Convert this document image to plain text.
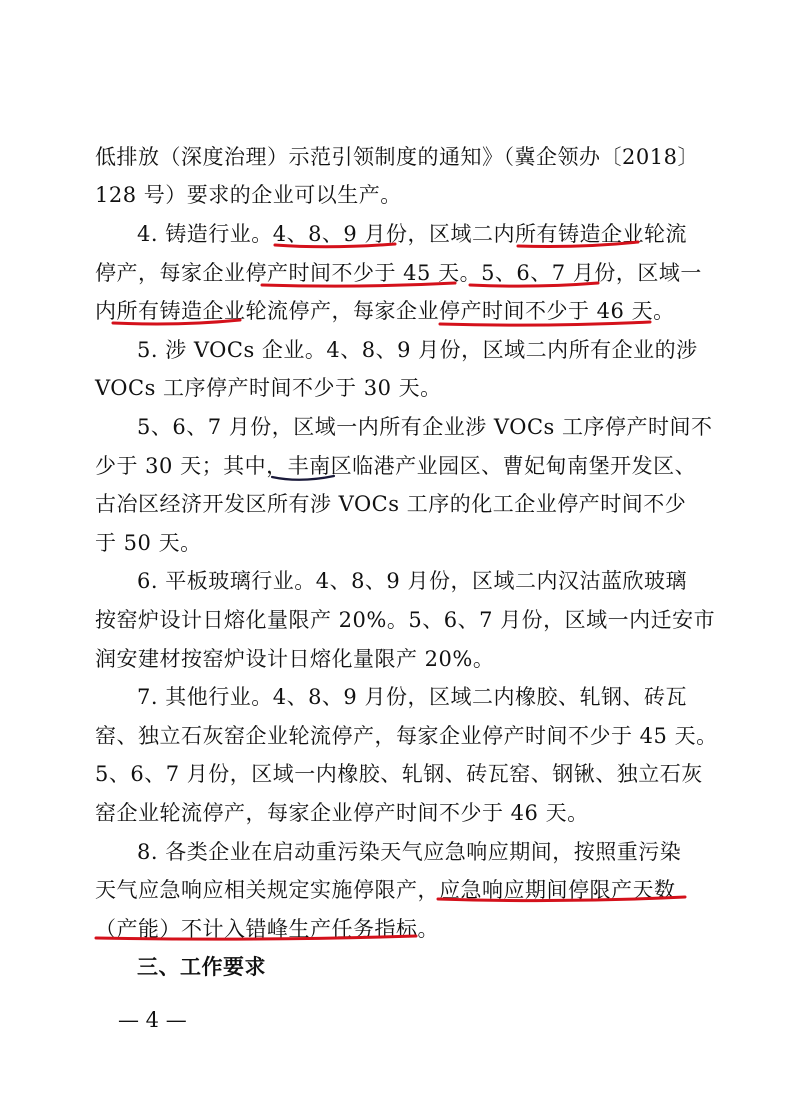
低排放（深度治理）示范引领制度的通知》（冀企领办〔2018〕
128 号）要求的企业可以生产。
4. 铸造行业。4、8、9 月份，区域二内所有铸造企业轮流
停产，每家企业停产时间不少于 45 天。5、6、7 月份，区域一
内所有铸造企业轮流停产，每家企业停产时间不少于 46 天。
5. 涉 VOCs 企业。4、8、9 月份，区域二内所有企业的涉
VOCs 工序停产时间不少于 30 天。
5、6、7 月份，区域一内所有企业涉 VOCs 工序停产时间不
少于 30 天；其中，丰南区临港产业园区、曹妃甸南堡开发区、
古冶区经济开发区所有涉 VOCs 工序的化工企业停产时间不少
于 50 天。
6. 平板玻璃行业。4、8、9 月份，区域二内汉沽蓝欣玻璃
按窑炉设计日熔化量限产 20%。5、6、7 月份，区域一内迁安市
润安建材按窑炉设计日熔化量限产 20%。
7. 其他行业。4、8、9 月份，区域二内橡胶、轧钢、砖瓦
窑、独立石灰窑企业轮流停产，每家企业停产时间不少于 45 天。
5、6、7 月份，区域一内橡胶、轧钢、砖瓦窑、钢锹、独立石灰
窑企业轮流停产，每家企业停产时间不少于 46 天。
8. 各类企业在启动重污染天气应急响应期间，按照重污染
天气应急响应相关规定实施停限产，应急响应期间停限产天数
（产能）不计入错峰生产任务指标。
三、工作要求
— 4 —
